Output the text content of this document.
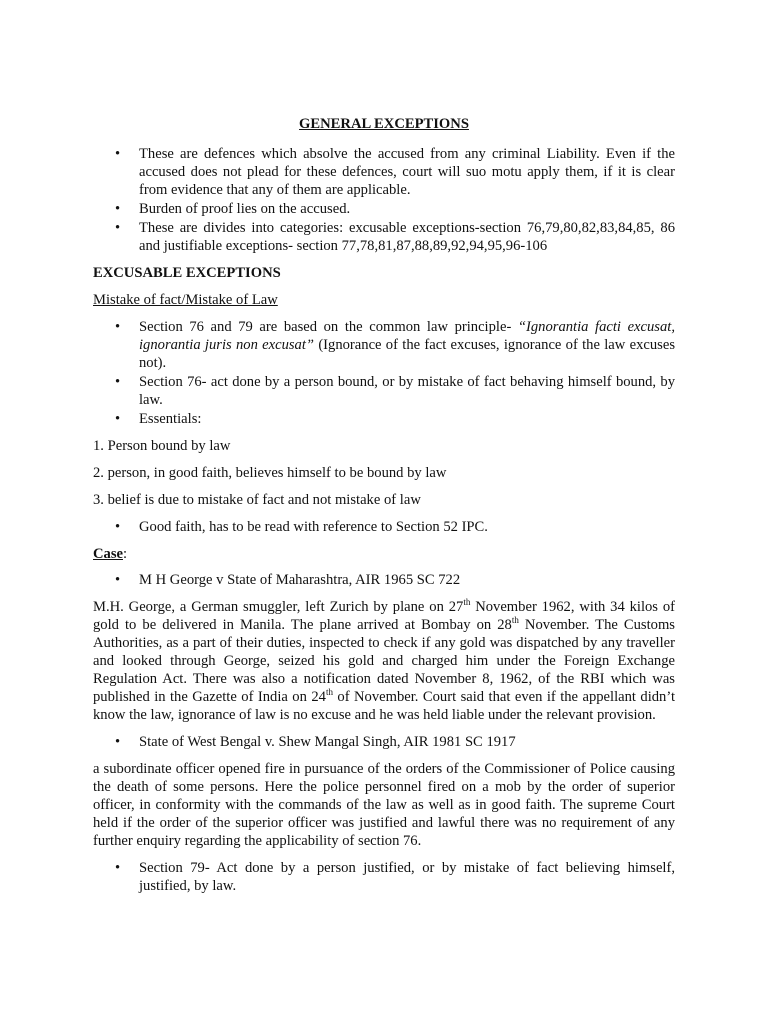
GENERAL EXCEPTIONS
• These are defences which absolve the accused from any criminal Liability. Even if the accused does not plead for these defences, court will suo motu apply them, if it is clear from evidence that any of them are applicable.
• Burden of proof lies on the accused.
• These are divides into categories: excusable exceptions-section 76,79,80,82,83,84,85, 86 and justifiable exceptions- section 77,78,81,87,88,89,92,94,95,96-106
EXCUSABLE EXCEPTIONS
Mistake of fact/Mistake of Law
• Section 76 and 79 are based on the common law principle- “Ignorantia facti excusat, ignorantia juris non excusat” (Ignorance of the fact excuses, ignorance of the law excuses not).
• Section 76- act done by a person bound, or by mistake of fact behaving himself bound, by law.
• Essentials:

1. Person bound by law

2. person, in good faith, believes himself to be bound by law

3. belief is due to mistake of fact and not mistake of law

• Good faith, has to be read with reference to Section 52 IPC.
Case:
• M H George v State of Maharashtra, AIR 1965 SC 722

M.H. George, a German smuggler, left Zurich by plane on 27th November 1962, with 34 kilos of gold to be delivered in Manila. The plane arrived at Bombay on 28th November. The Customs Authorities, as a part of their duties, inspected to check if any gold was dispatched by any traveller and looked through George, seized his gold and charged him under the Foreign Exchange Regulation Act. There was also a notification dated November 8, 1962, of the RBI which was published in the Gazette of India on 24th of November. Court said that even if the appellant didn’t know the law, ignorance of law is no excuse and he was held liable under the relevant provision.

• State of West Bengal v. Shew Mangal Singh, AIR 1981 SC 1917

a subordinate officer opened fire in pursuance of the orders of the Commissioner of Police causing the death of some persons. Here the police personnel fired on a mob by the order of superior officer, in conformity with the commands of the law as well as in good faith. The supreme Court held if the order of the superior officer was justified and lawful there was no requirement of any further enquiry regarding the applicability of section 76.

• Section 79- Act done by a person justified, or by mistake of fact believing himself, justified, by law.
